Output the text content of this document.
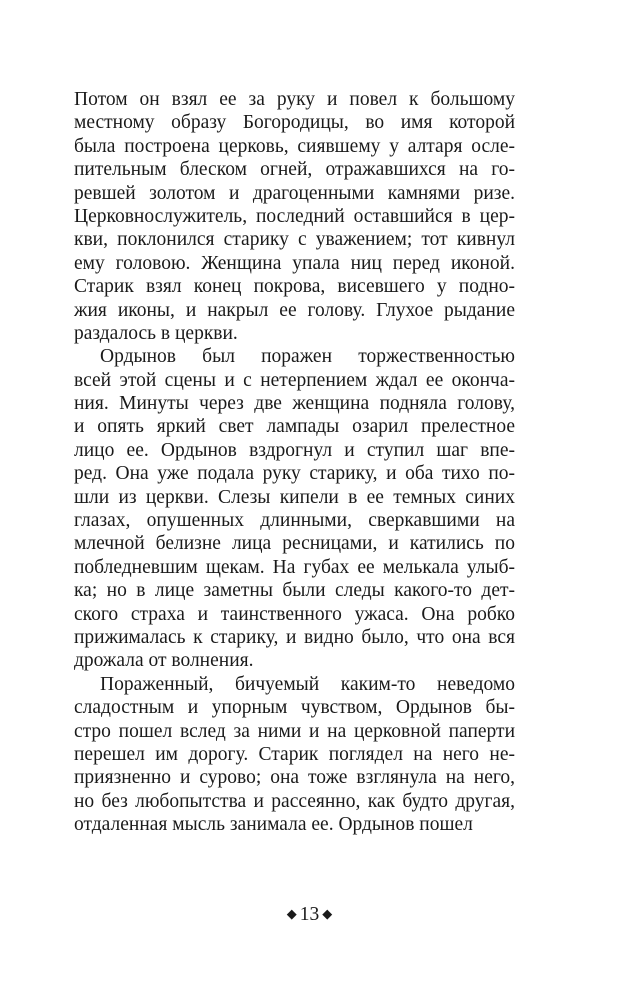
Потом он взял ее за руку и повел к большому
местному образу Богородицы, во имя которой
была построена церковь, сиявшему у алтаря осле-
пительным блеском огней, отражавшихся на го-
ревшей золотом и драгоценными камнями ризе.
Церковнослужитель, последний оставшийся в цер-
кви, поклонился старику с уважением; тот кивнул
ему головою. Женщина упала ниц перед иконой.
Старик взял конец покрова, висевшего у подно-
жия иконы, и накрыл ее голову. Глухое рыдание
раздалось в церкви.
Ордынов был поражен торжественностью
всей этой сцены и с нетерпением ждал ее оконча-
ния. Минуты через две женщина подняла голову,
и опять яркий свет лампады озарил прелестное
лицо ее. Ордынов вздрогнул и ступил шаг впе-
ред. Она уже подала руку старику, и оба тихо по-
шли из церкви. Слезы кипели в ее темных синих
глазах, опушенных длинными, сверкавшими на
млечной белизне лица ресницами, и катились по
побледневшим щекам. На губах ее мелькала улыб-
ка; но в лице заметны были следы какого-то дет-
ского страха и таинственного ужаса. Она робко
прижималась к старику, и видно было, что она вся
дрожала от волнения.
Пораженный, бичуемый каким-то неведомо
сладостным и упорным чувством, Ордынов бы-
стро пошел вслед за ними и на церковной паперти
перешел им дорогу. Старик поглядел на него не-
приязненно и сурово; она тоже взглянула на него,
но без любопытства и рассеянно, как будто другая,
отдаленная мысль занимала ее. Ордынов пошел
◆ 13 ◆
